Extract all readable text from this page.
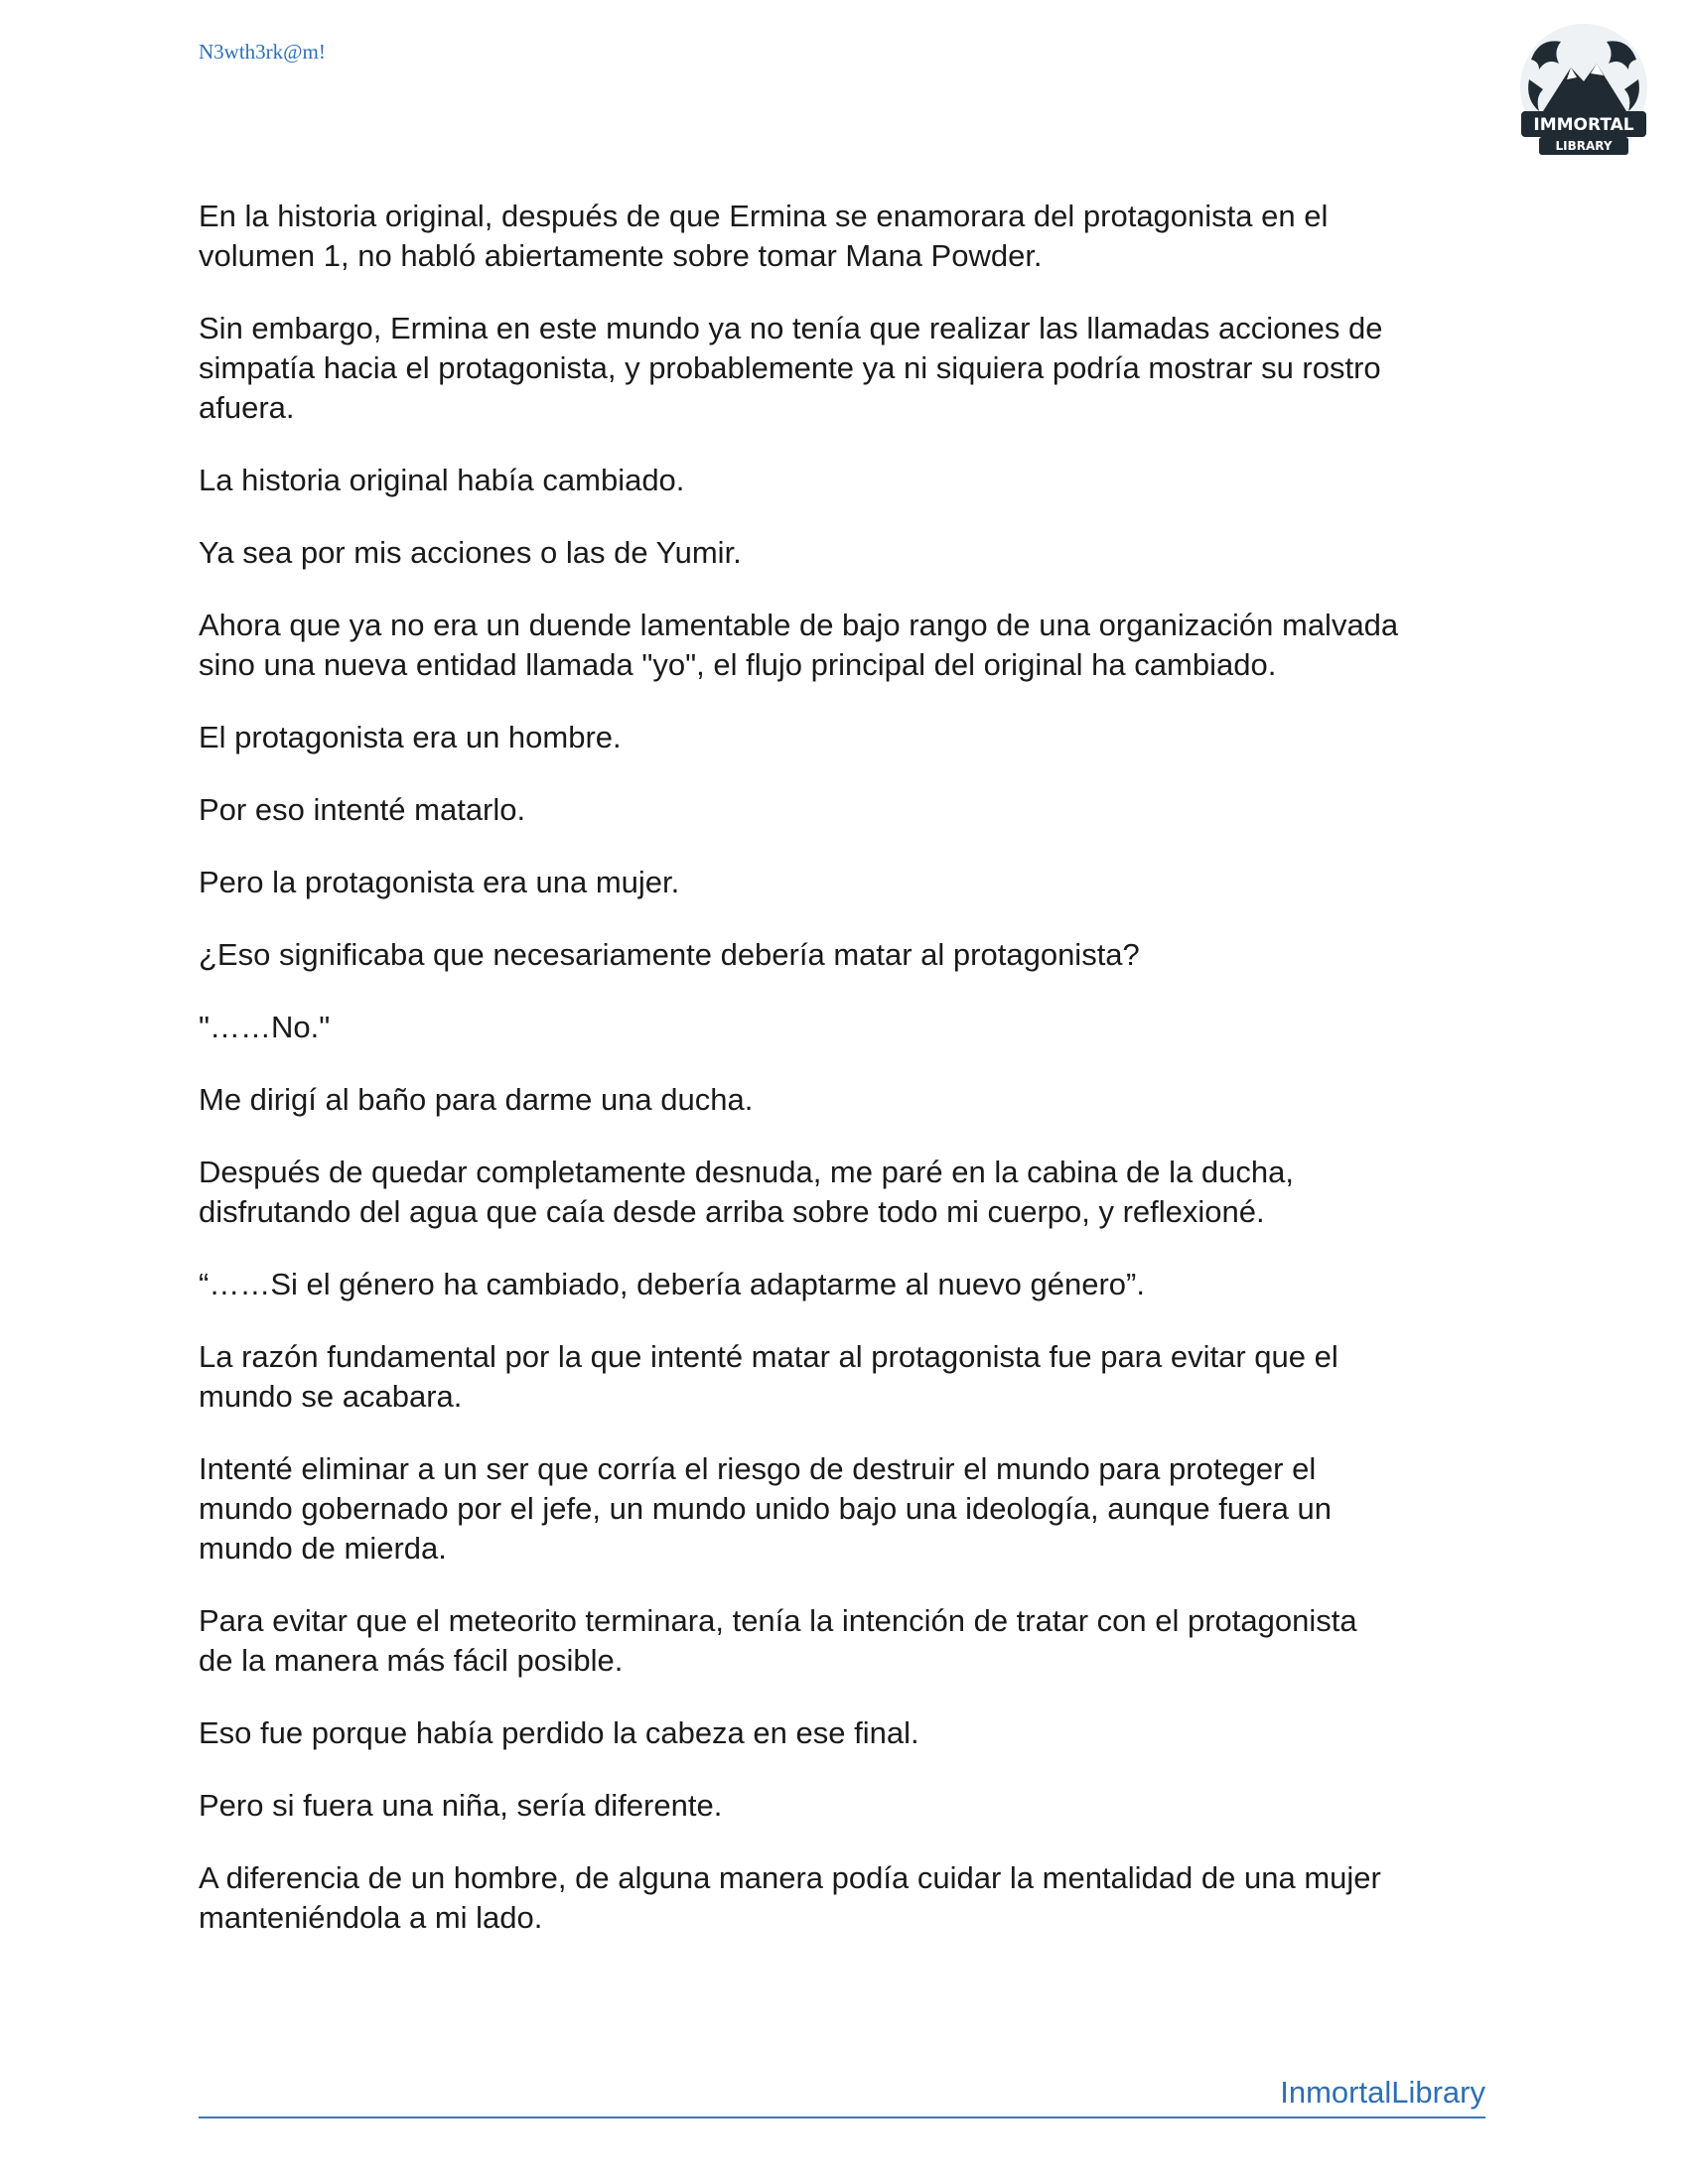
N3wth3rk@m!
IMMORTAL
LIBRARY

En la historia original, después de que Ermina se enamorara del protagonista en el
volumen 1, no habló abiertamente sobre tomar Mana Powder.

Sin embargo, Ermina en este mundo ya no tenía que realizar las llamadas acciones de
simpatía hacia el protagonista, y probablemente ya ni siquiera podría mostrar su rostro
afuera.

La historia original había cambiado.

Ya sea por mis acciones o las de Yumir.

Ahora que ya no era un duende lamentable de bajo rango de una organización malvada
sino una nueva entidad llamada "yo", el flujo principal del original ha cambiado.

El protagonista era un hombre.

Por eso intenté matarlo.

Pero la protagonista era una mujer.

¿Eso significaba que necesariamente debería matar al protagonista?

"……No."

Me dirigí al baño para darme una ducha.

Después de quedar completamente desnuda, me paré en la cabina de la ducha,
disfrutando del agua que caía desde arriba sobre todo mi cuerpo, y reflexioné.

“……Si el género ha cambiado, debería adaptarme al nuevo género”.

La razón fundamental por la que intenté matar al protagonista fue para evitar que el
mundo se acabara.

Intenté eliminar a un ser que corría el riesgo de destruir el mundo para proteger el
mundo gobernado por el jefe, un mundo unido bajo una ideología, aunque fuera un
mundo de mierda.

Para evitar que el meteorito terminara, tenía la intención de tratar con el protagonista
de la manera más fácil posible.

Eso fue porque había perdido la cabeza en ese final.

Pero si fuera una niña, sería diferente.

A diferencia de un hombre, de alguna manera podía cuidar la mentalidad de una mujer
manteniéndola a mi lado.

InmortalLibrary
